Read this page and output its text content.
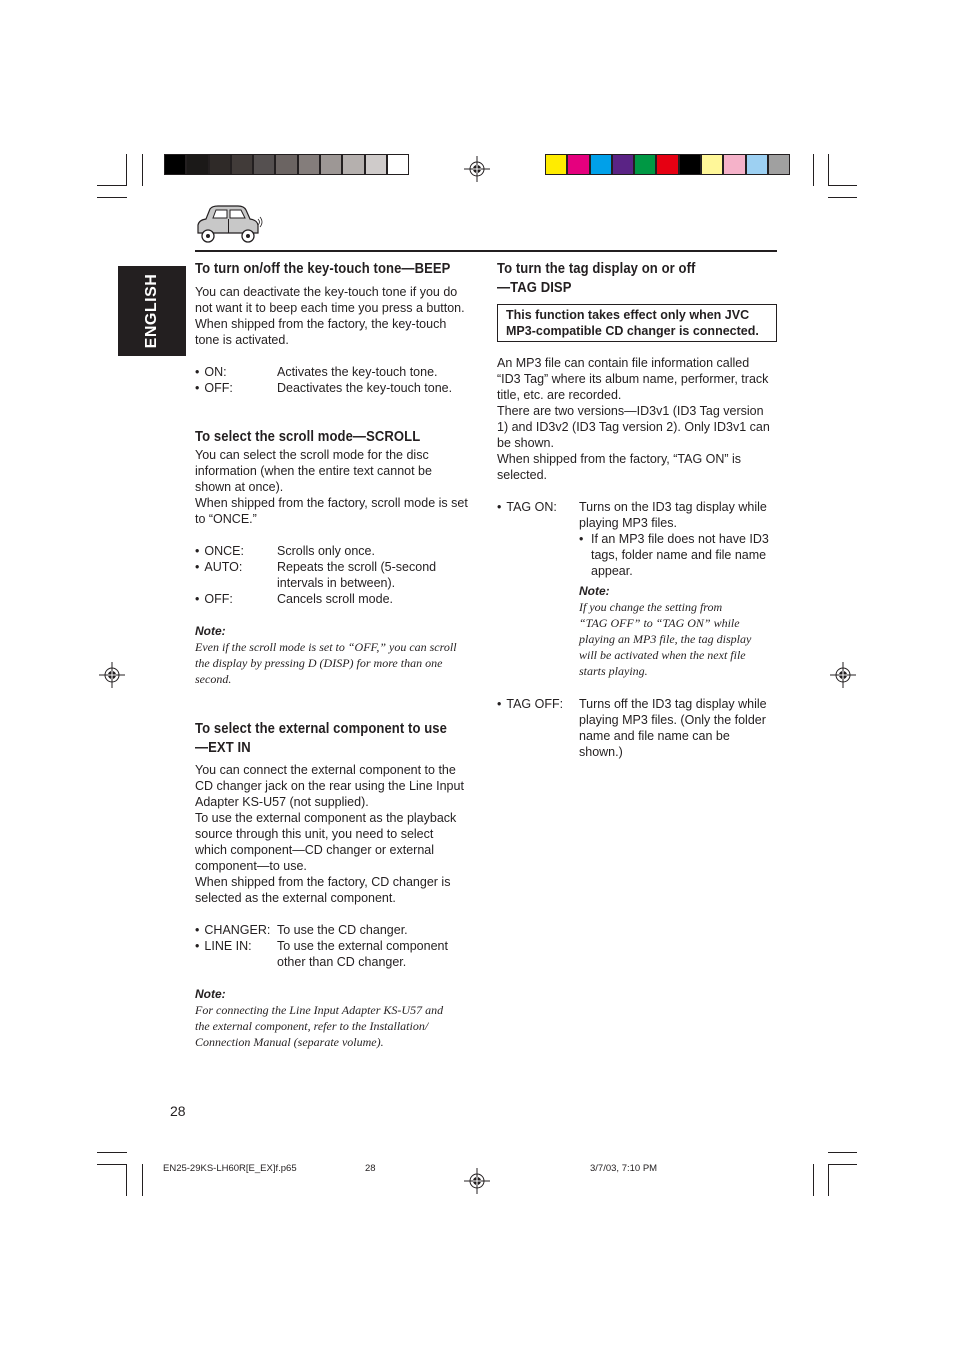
ENGLISH
To turn on/off the key-touch tone—BEEP

You can deactivate the key-touch tone if you do
not want it to beep each time you press a button.
When shipped from the factory, the key-touch
tone is activated.

• ON:	Activates the key-touch tone.
• OFF:	Deactivates the key-touch tone.
To select the scroll mode—SCROLL

You can select the scroll mode for the disc
information (when the entire text cannot be
shown at once).
When shipped from the factory, scroll mode is set
to “ONCE.”

• ONCE:	Scrolls only once.
• AUTO:	Repeats the scroll (5-second
intervals in between).
• OFF:	Cancels scroll mode.
Note:

Even if the scroll mode is set to “OFF,” you can scroll
the display by pressing D (DISP) for more than one
second.

To select the external component to use
—EXT IN

You can connect the external component to the
CD changer jack on the rear using the Line Input
Adapter KS-U57 (not supplied).
To use the external component as the playback
source through this unit, you need to select
which component—CD changer or external
component—to use.
When shipped from the factory, CD changer is
selected as the external component.

• CHANGER: To use the CD changer.
• LINE IN: To use the external component
other than CD changer.
Note:

For connecting the Line Input Adapter KS-U57 and
the external component, refer to the Installation/
Connection Manual (separate volume).

To turn the tag display on or off
—TAG DISP
This function takes effect only when JVC
MP3-compatible CD changer is connected.

An MP3 file can contain file information called
“ID3 Tag” where its album name, performer, track
title, etc. are recorded.
There are two versions—ID3v1 (ID3 Tag version
1) and ID3v2 (ID3 Tag version 2). Only ID3v1 can
be shown.
When shipped from the factory, “TAG ON” is
selected.

• TAG ON: Turns on the ID3 tag display while
playing MP3 files.
• If an MP3 file does not have ID3
tags, folder name and file name
appear.
Note:

If you change the setting from
“TAG OFF” to “TAG ON” while
playing an MP3 file, the tag display
will be activated when the next file
starts playing.

• TAG OFF: Turns off the ID3 tag display while
playing MP3 files. (Only the folder
name and file name can be
shown.)
28
EN25-29KS-LH60R[E_EX]f.p65	28	3/7/03, 7:10 PM
